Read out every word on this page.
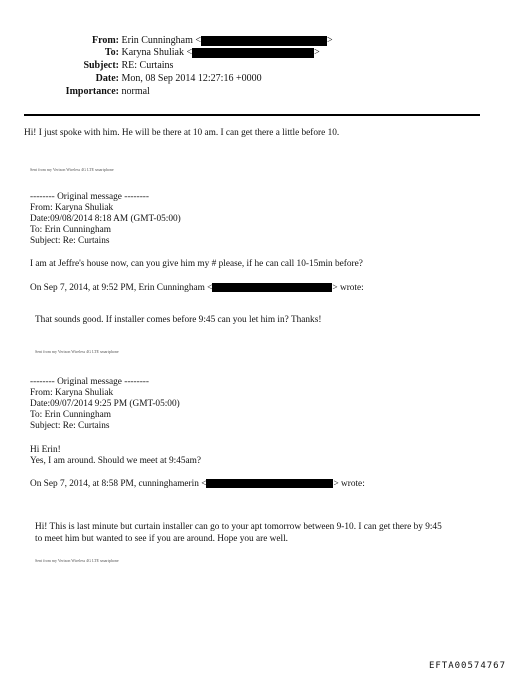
From: Erin Cunningham <	>
To: Karyna Shuliak <	>
Subject: RE: Curtains
Date: Mon, 08 Sep 2014 12:27:16 +0000
Importance: normal
Hi! I just spoke with him. He will be there at 10 am. I can get there a little before 10.
Sent from my Verizon Wireless 4G LTE smartphone
-------- Original message --------
From: Karyna Shuliak
Date:09/08/2014 8:18 AM (GMT-05:00)
To: Erin Cunningham
Subject: Re: Curtains
I am at Jeffre's house now, can you give him my # please, if he can call 10-15min before?
On Sep 7, 2014, at 9:52 PM, Erin Cunningham <	> wrote:
That sounds good. If installer comes before 9:45 can you let him in? Thanks!
Sent from my Verizon Wireless 4G LTE smartphone
-------- Original message --------
From: Karyna Shuliak
Date:09/07/2014 9:25 PM (GMT-05:00)
To: Erin Cunningham
Subject: Re: Curtains
Hi Erin!
Yes, I am around. Should we meet at 9:45am?
On Sep 7, 2014, at 8:58 PM, cunninghamerin <	> wrote:
Hi! This is last minute but curtain installer can go to your apt tomorrow between 9-10. I can get there by 9:45
to meet him but wanted to see if you are around. Hope you are well.
Sent from my Verizon Wireless 4G LTE smartphone
EFTA00574767
